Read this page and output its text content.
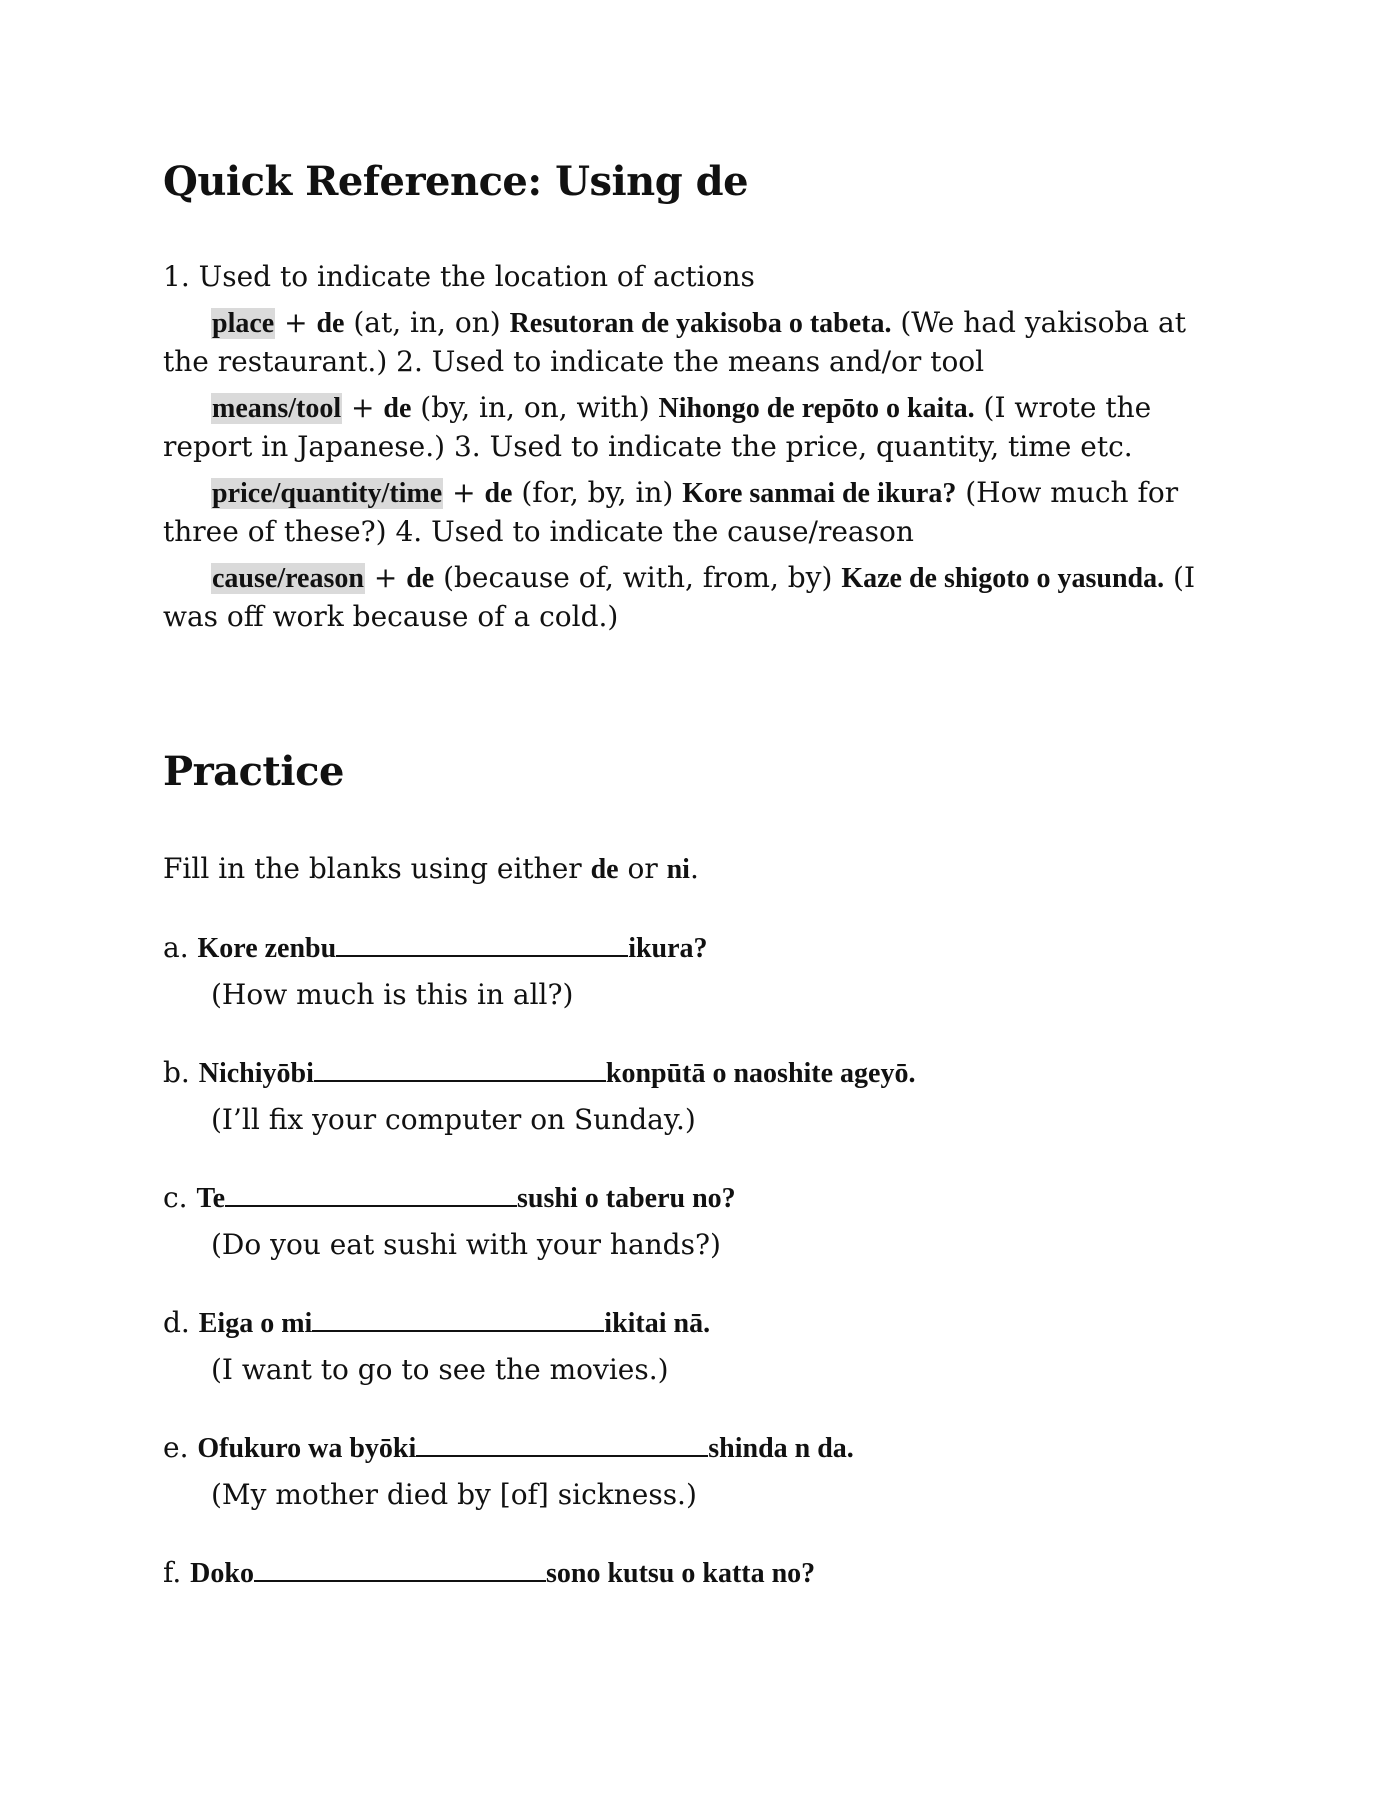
Quick Reference: Using de
1. Used to indicate the location of actions
place + de (at, in, on) Resutoran de yakisoba o tabeta. (We had yakisoba at the restaurant.) 2. Used to indicate the means and/or tool
means/tool + de (by, in, on, with) Nihongo de repōto o kaita. (I wrote the report in Japanese.) 3. Used to indicate the price, quantity, time etc.
price/quantity/time + de (for, by, in) Kore sanmai de ikura? (How much for three of these?) 4. Used to indicate the cause/reason
cause/reason + de (because of, with, from, by) Kaze de shigoto o yasunda. (I was off work because of a cold.)
Practice
Fill in the blanks using either de or ni.
a. Kore zenbu	ikura?
(How much is this in all?)
b. Nichiyōbi	konpūtā o naoshite ageyō.
(I’ll fix your computer on Sunday.)
c. Te	sushi o taberu no?
(Do you eat sushi with your hands?)
d. Eiga o mi	ikitai nā.
(I want to go to see the movies.)
e. Ofukuro wa byōki	shinda n da.
(My mother died by [of] sickness.)
f. Doko	sono kutsu o katta no?
